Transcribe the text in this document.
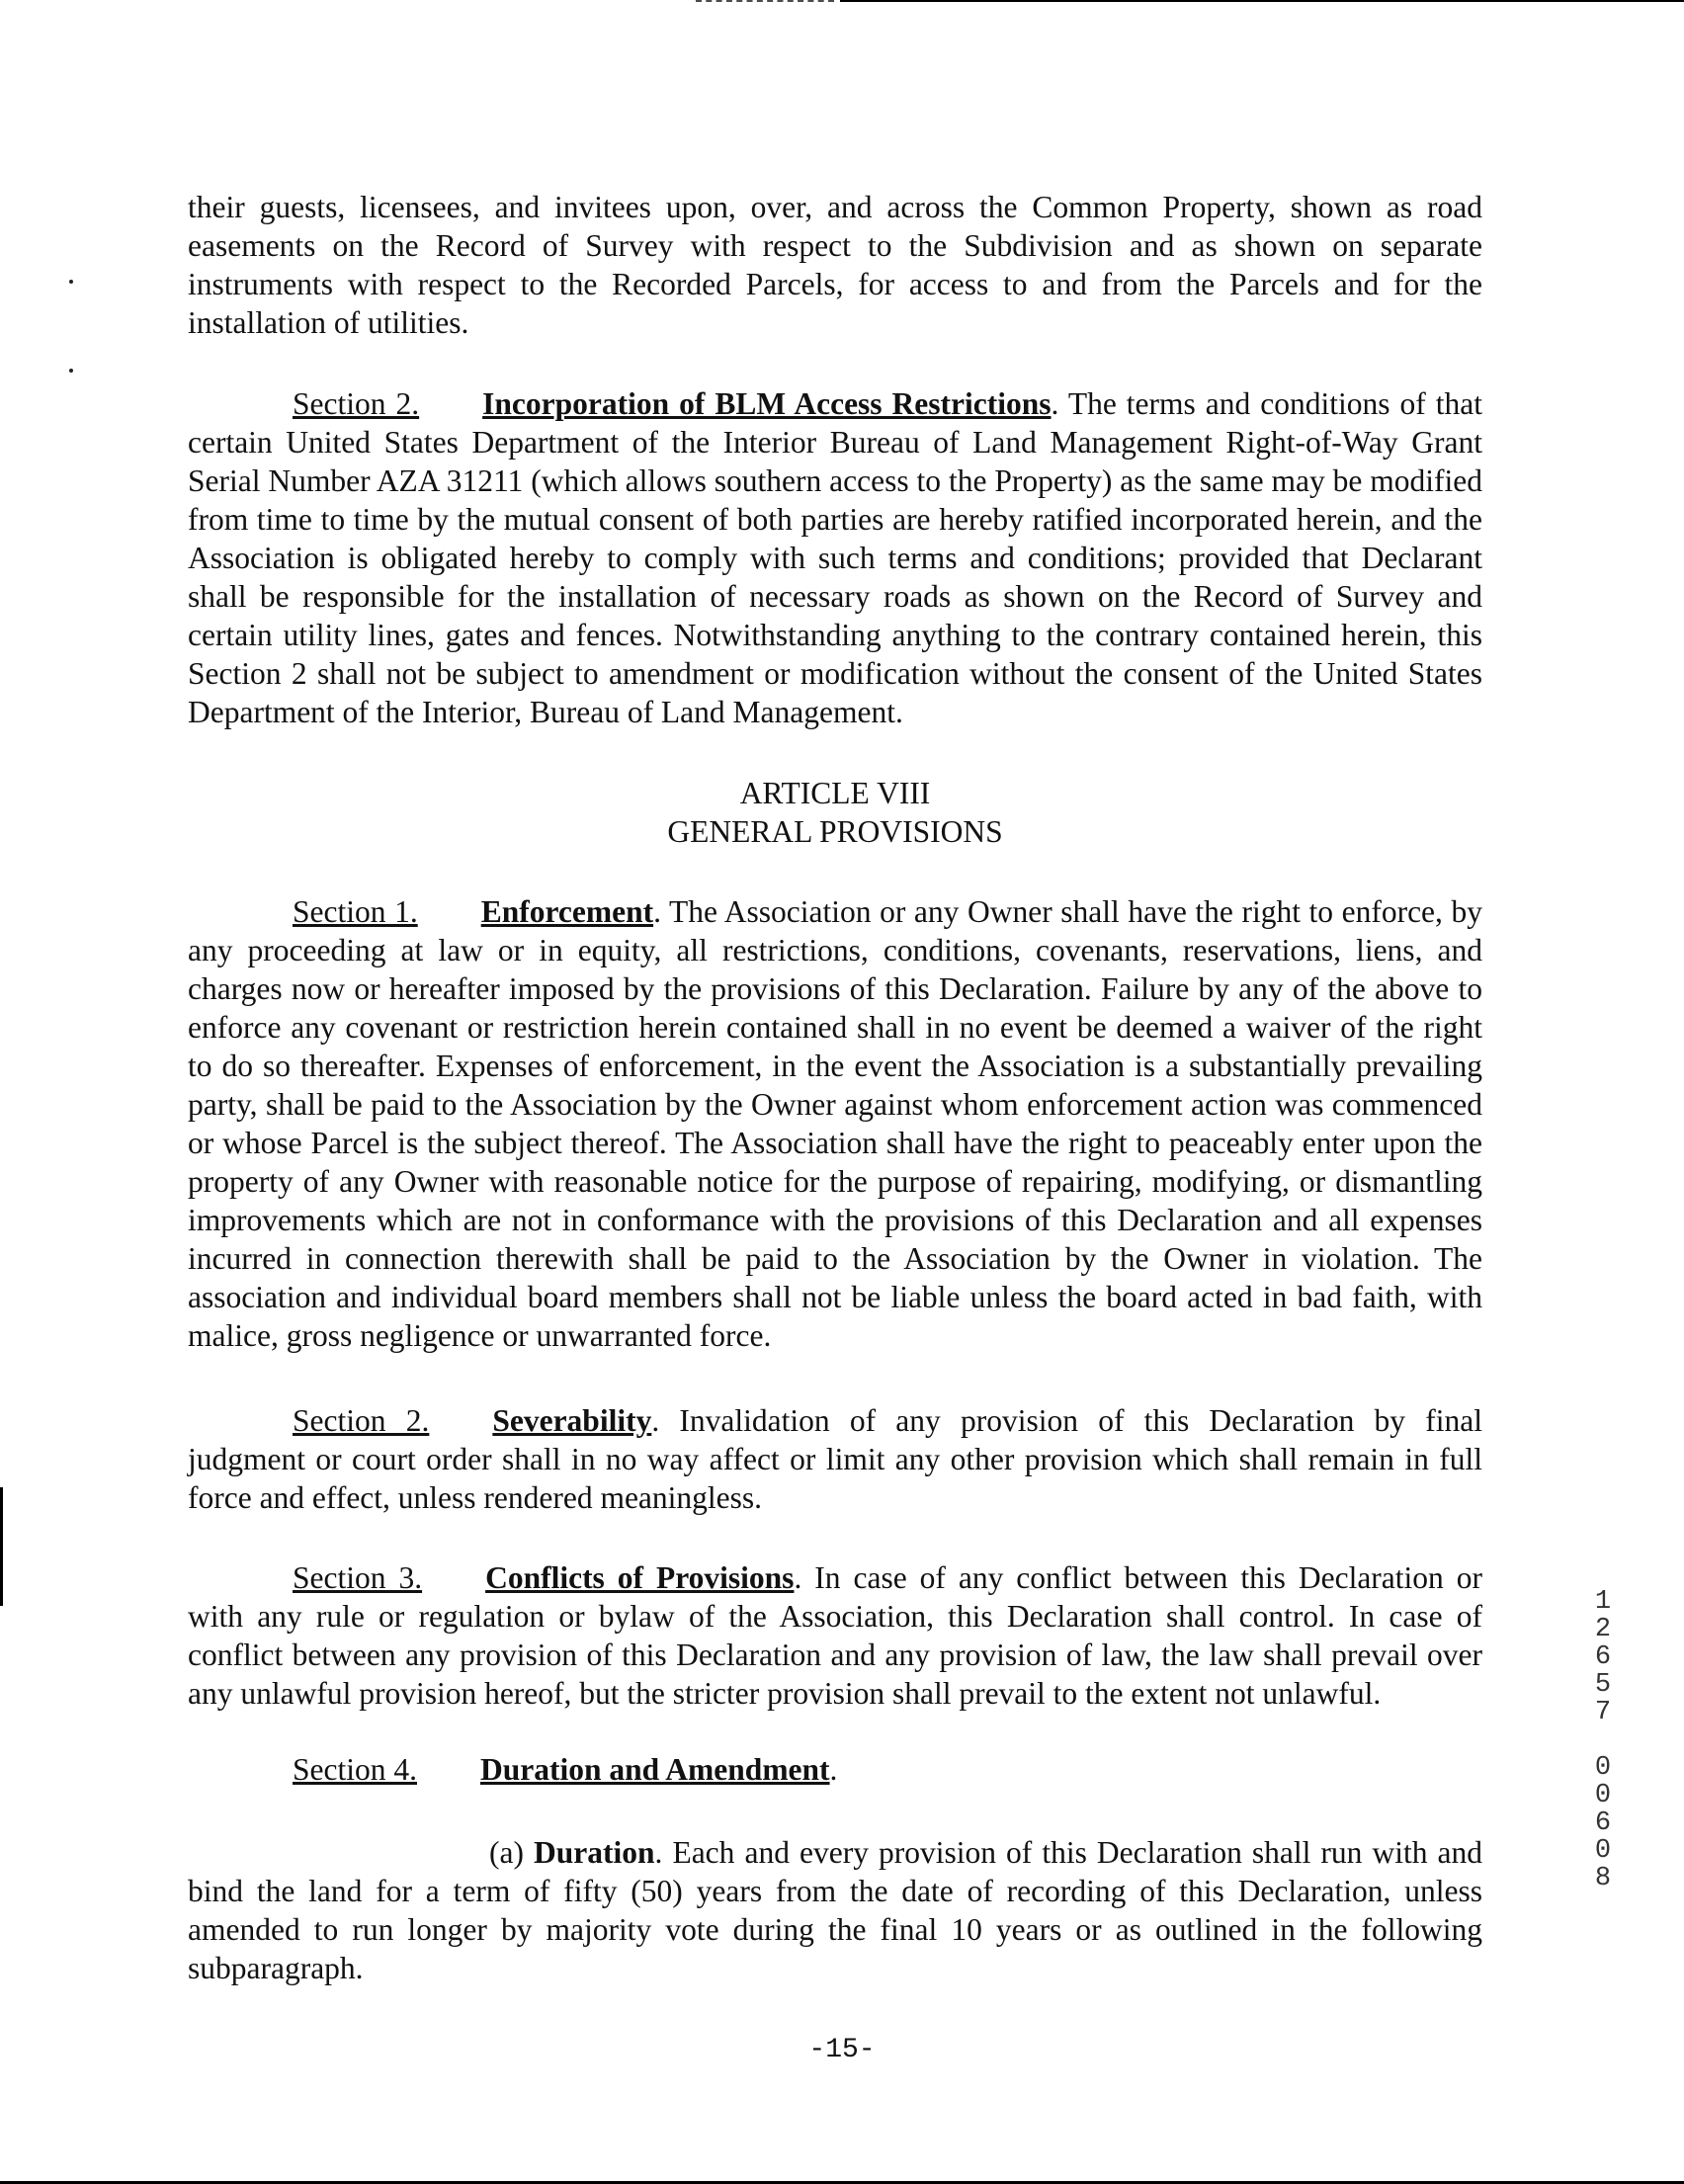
their guests, licensees, and invitees upon, over, and across the Common Property, shown as road easements on the Record of Survey with respect to the Subdivision and as shown on separate instruments with respect to the Recorded Parcels, for access to and from the Parcels and for the installation of utilities.

Section 2. Incorporation of BLM Access Restrictions. The terms and conditions of that certain United States Department of the Interior Bureau of Land Management Right-of-Way Grant Serial Number AZA 31211 (which allows southern access to the Property) as the same may be modified from time to time by the mutual consent of both parties are hereby ratified incorporated herein, and the Association is obligated hereby to comply with such terms and conditions; provided that Declarant shall be responsible for the installation of necessary roads as shown on the Record of Survey and certain utility lines, gates and fences. Notwithstanding anything to the contrary contained herein, this Section 2 shall not be subject to amendment or modification without the consent of the United States Department of the Interior, Bureau of Land Management.

ARTICLE VIII
GENERAL PROVISIONS

Section 1. Enforcement. The Association or any Owner shall have the right to enforce, by any proceeding at law or in equity, all restrictions, conditions, covenants, reservations, liens, and charges now or hereafter imposed by the provisions of this Declaration. Failure by any of the above to enforce any covenant or restriction herein contained shall in no event be deemed a waiver of the right to do so thereafter. Expenses of enforcement, in the event the Association is a substantially prevailing party, shall be paid to the Association by the Owner against whom enforcement action was commenced or whose Parcel is the subject thereof. The Association shall have the right to peaceably enter upon the property of any Owner with reasonable notice for the purpose of repairing, modifying, or dismantling improvements which are not in conformance with the provisions of this Declaration and all expenses incurred in connection therewith shall be paid to the Association by the Owner in violation. The association and individual board members shall not be liable unless the board acted in bad faith, with malice, gross negligence or unwarranted force.

Section 2. Severability. Invalidation of any provision of this Declaration by final judgment or court order shall in no way affect or limit any other provision which shall remain in full force and effect, unless rendered meaningless.

Section 3. Conflicts of Provisions. In case of any conflict between this Declaration or with any rule or regulation or bylaw of the Association, this Declaration shall control. In case of conflict between any provision of this Declaration and any provision of law, the law shall prevail over any unlawful provision hereof, but the stricter provision shall prevail to the extent not unlawful.

Section 4. Duration and Amendment.

(a) Duration. Each and every provision of this Declaration shall run with and bind the land for a term of fifty (50) years from the date of recording of this Declaration, unless amended to run longer by majority vote during the final 10 years or as outlined in the following subparagraph.

1
2
6
5
7

0
0
6
0
8
-15-
